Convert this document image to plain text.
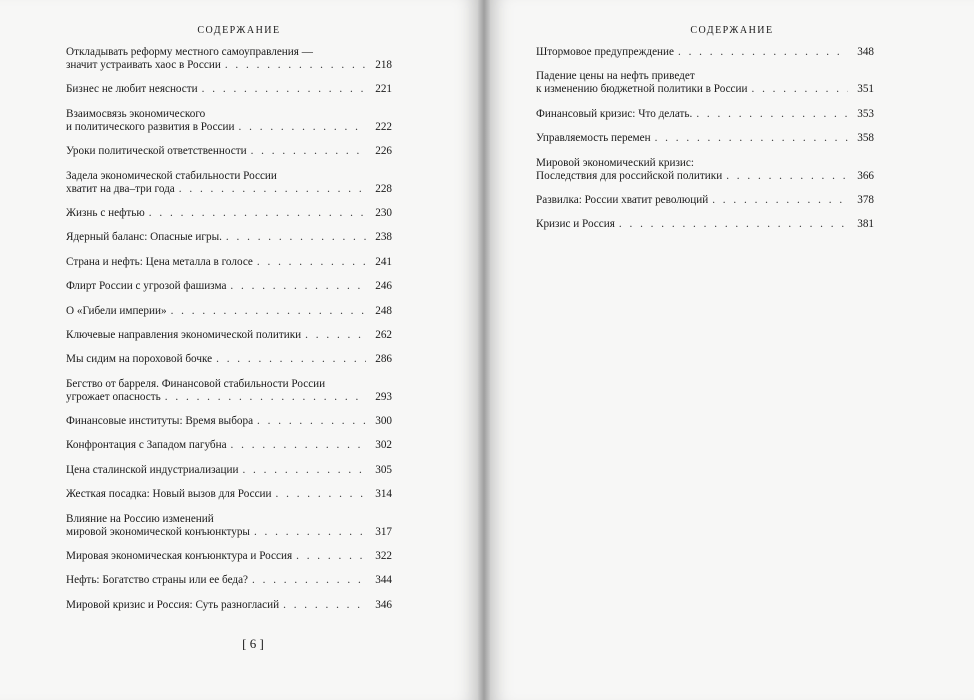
СОДЕРЖАНИЕ
Откладывать реформу местного самоуправления —
значит устраивать хаос в России . . .	218
Бизнес не любит неясности . . .	221
Взаимосвязь экономического
и политического развития в России . . .	222
Уроки политической ответственности . . .	226
Задела экономической стабильности России
хватит на два–три года . . .	228
Жизнь с нефтью . . .	230
Ядерный баланс: Опасные игры. . . .	238
Страна и нефть: Цена металла в голосе . . .	241
Флирт России с угрозой фашизма . . .	246
О «Гибели империи» . . .	248
Ключевые направления экономической политики . . .	262
Мы сидим на пороховой бочке . . .	286
Бегство от барреля. Финансовой стабильности России
угрожает опасность . . .	293
Финансовые институты: Время выбора . . .	300
Конфронтация с Западом пагубна . . .	302
Цена сталинской индустриализации . . .	305
Жесткая посадка: Новый вызов для России . . .	314
Влияние на Россию изменений
мировой экономической конъюнктуры . . .	317
Мировая экономическая конъюнктура и Россия . . .	322
Нефть: Богатство страны или ее беда? . . .	344
Мировой кризис и Россия: Суть разногласий . . .	346
[ 6 ]
СОДЕРЖАНИЕ
Штормовое предупреждение . . .	348
Падение цены на нефть приведет
к изменению бюджетной политики в России . . .	351
Финансовый кризис: Что делать. . . .	353
Управляемость перемен . . .	358
Мировой экономический кризис:
Последствия для российской политики . . .	366
Развилка: России хватит революций . . .	378
Кризис и Россия . . .	381
